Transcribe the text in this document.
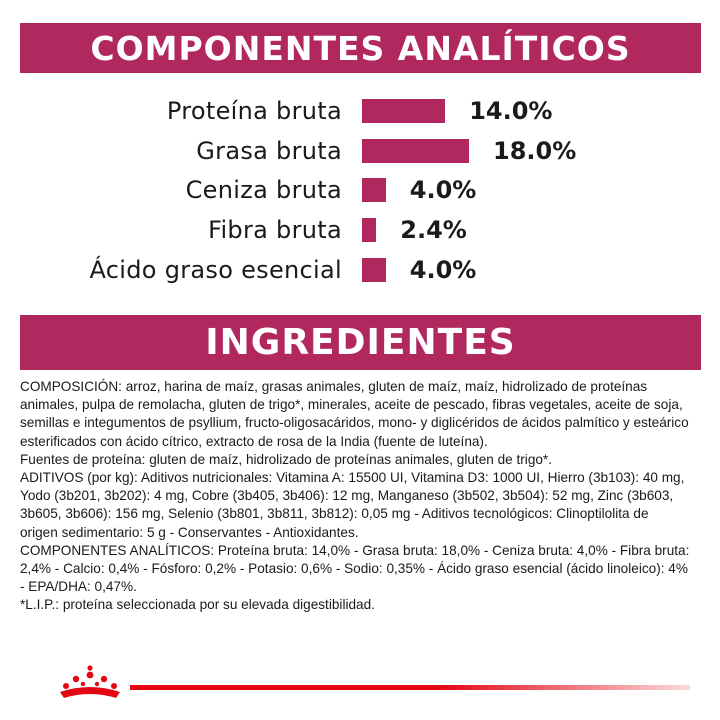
COMPONENTES ANALÍTICOS
Proteína bruta	14.0%
Grasa bruta	18.0%
Ceniza bruta	4.0%
Fibra bruta 2.4%
Ácido graso esencial	4.0%
INGREDIENTES

COMPOSICIÓN: arroz, harina de maíz, grasas animales, gluten de maíz, maíz, hidrolizado de proteínas animales, pulpa de remolacha, gluten de trigo*, minerales, aceite de pescado, fibras vegetales, aceite de soja, semillas e integumentos de psyllium, fructo-oligosacáridos, mono- y diglicéridos de ácidos palmítico y esteárico esterificados con ácido cítrico, extracto de rosa de la India (fuente de luteína).

Fuentes de proteína: gluten de maíz, hidrolizado de proteínas animales, gluten de trigo*.

ADITIVOS (por kg): Aditivos nutricionales: Vitamina A: 15500 UI, Vitamina D3: 1000 UI, Hierro (3b103): 40 mg, Yodo (3b201, 3b202): 4 mg, Cobre (3b405, 3b406): 12 mg, Manganeso (3b502, 3b504): 52 mg, Zinc (3b603, 3b605, 3b606): 156 mg, Selenio (3b801, 3b811, 3b812): 0,05 mg - Aditivos tecnológicos: Clinoptilolita de origen sedimentario: 5 g - Conservantes - Antioxidantes.

COMPONENTES ANALÍTICOS: Proteína bruta: 14,0% - Grasa bruta: 18,0% - Ceniza bruta: 4,0% - Fibra bruta: 2,4% - Calcio: 0,4% - Fósforo: 0,2% - Potasio: 0,6% - Sodio: 0,35% - Ácido graso esencial (ácido linoleico): 4% - EPA/DHA: 0,47%.

*L.I.P.: proteína seleccionada por su elevada digestibilidad.
